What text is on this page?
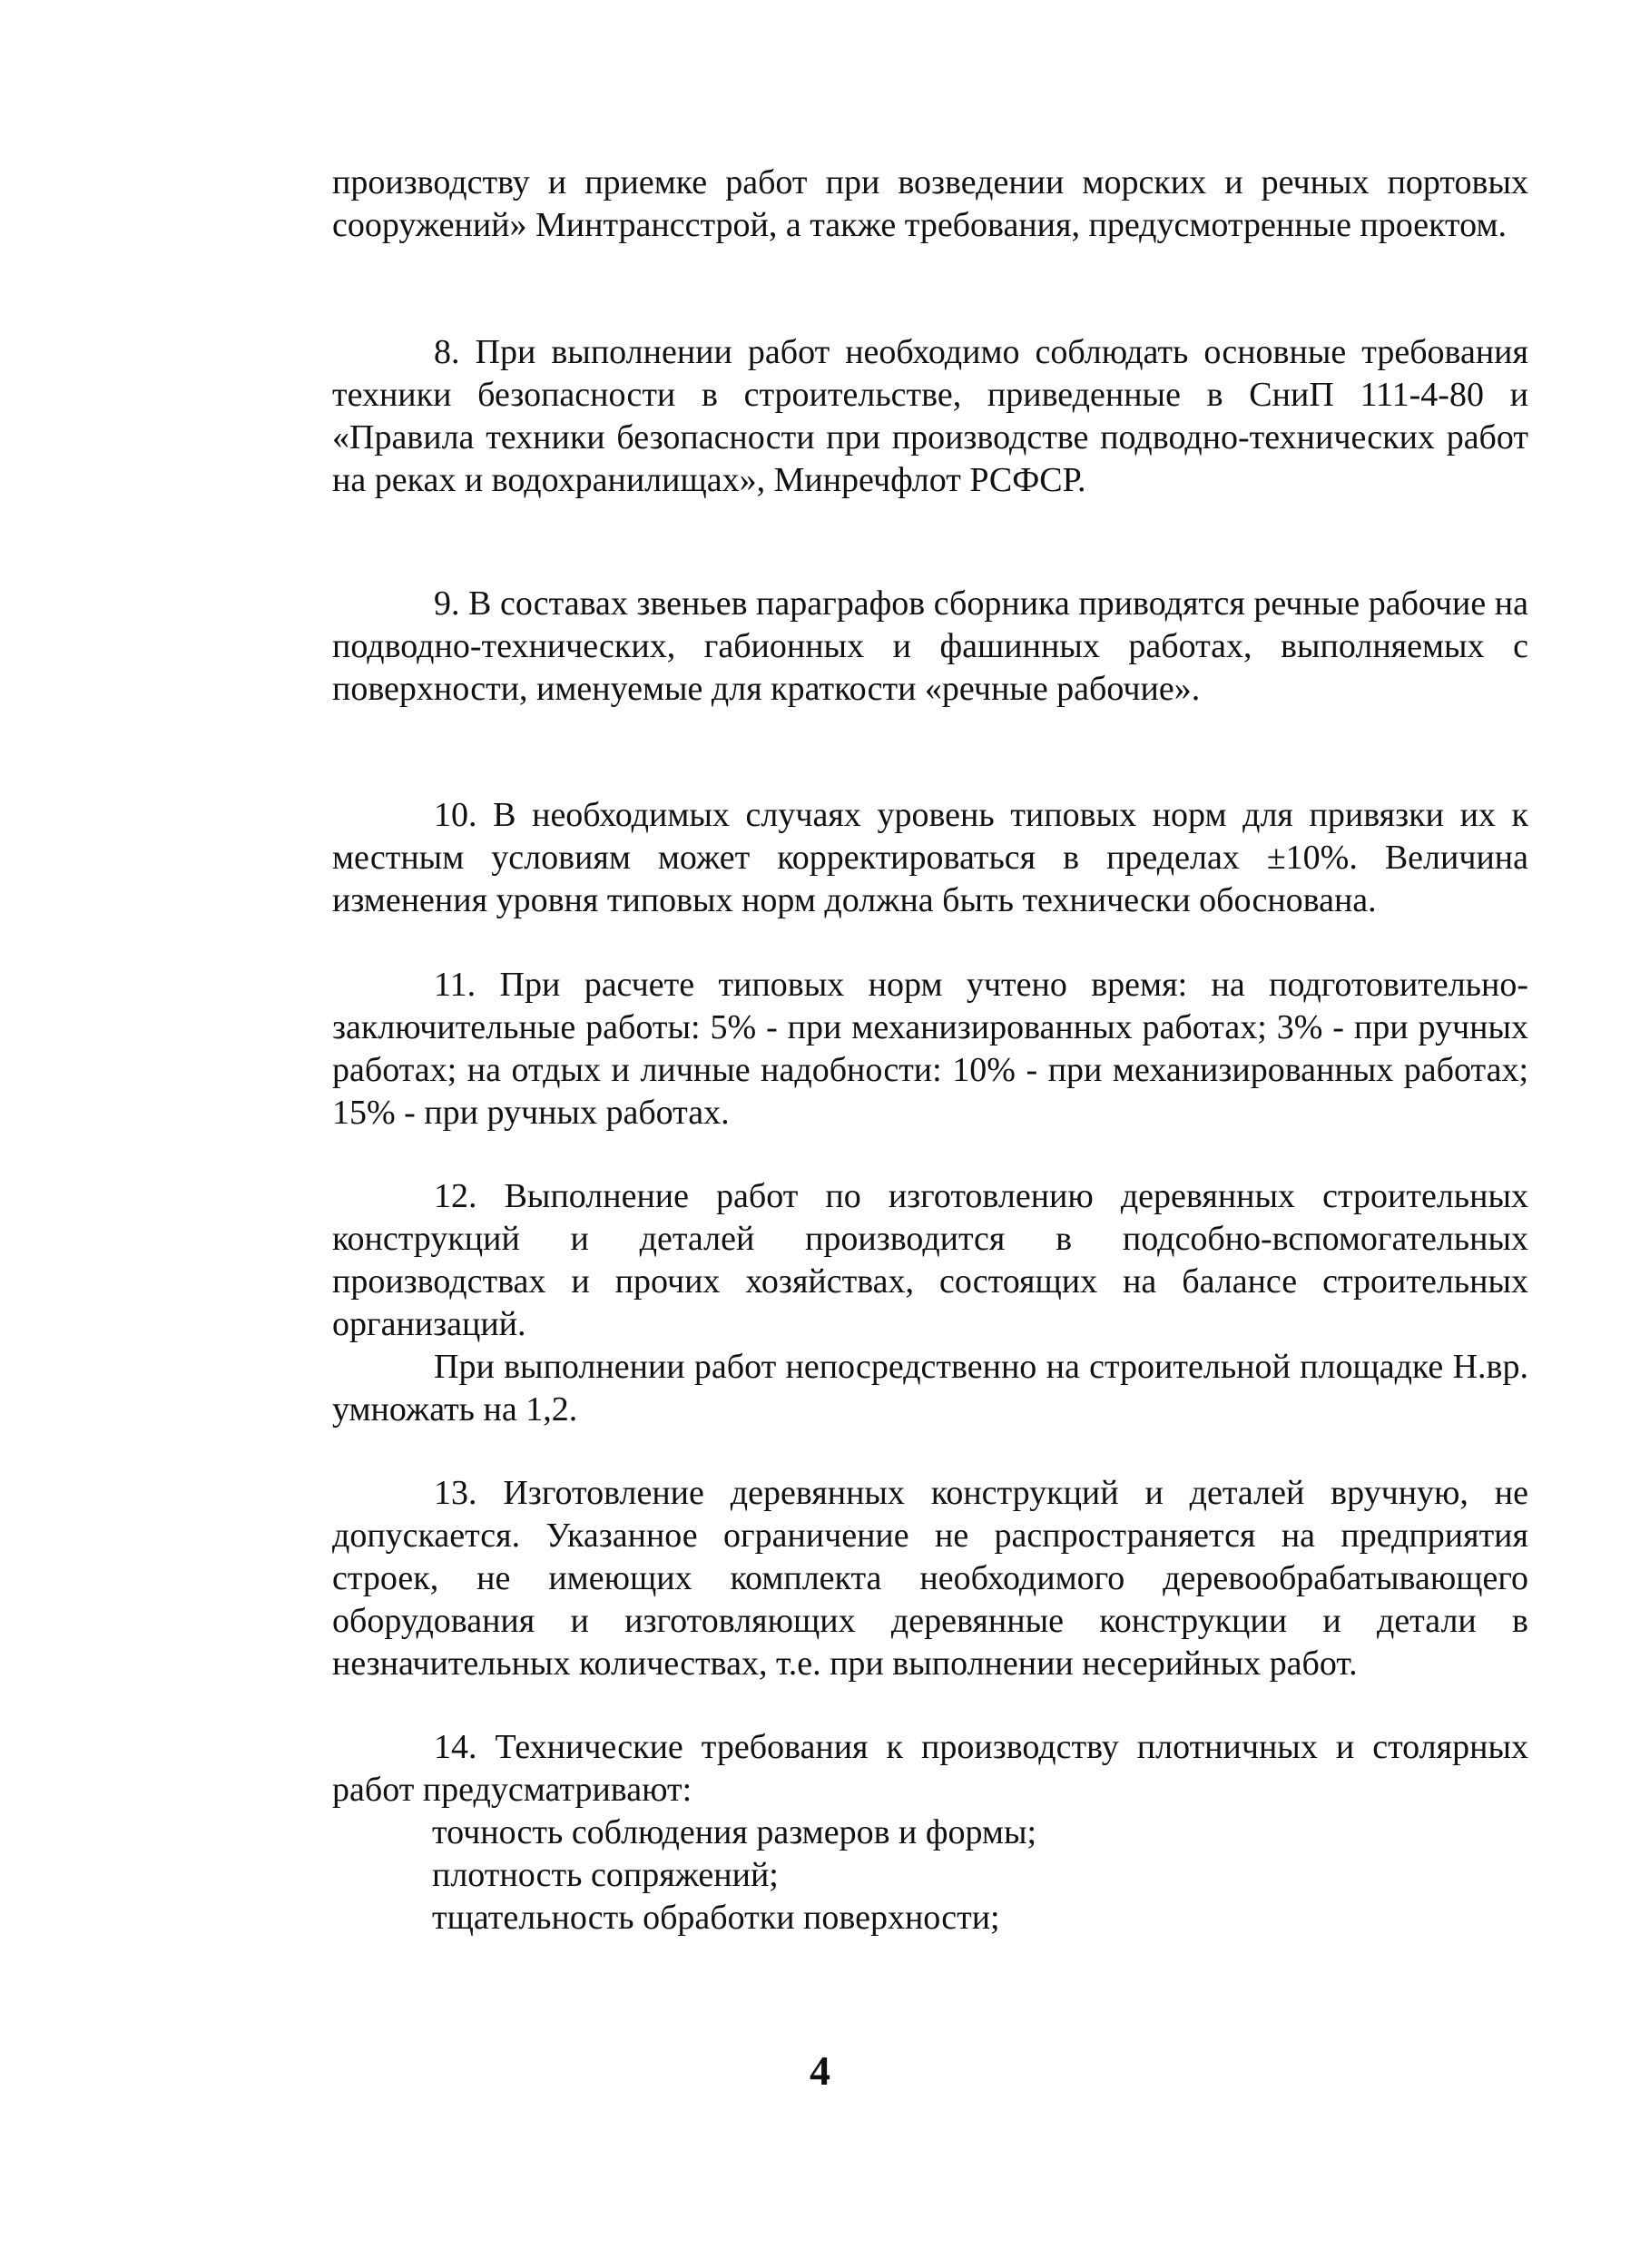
производству и приемке работ при возведении морских и речных портовых сооружений» Минтрансстрой, а также требования, предусмотренные проектом.

8. При выполнении работ необходимо соблюдать основные требования техники безопасности в строительстве, приведенные в СниП 111-4-80 и «Правила техники безопасности при производстве подводно-технических работ на реках и водохранилищах», Минречфлот РСФСР.

9. В составах звеньев параграфов сборника приводятся речные рабочие на подводно-технических, габионных и фашинных работах, выполняемых с поверхности, именуемые для краткости «речные рабочие».

10. В необходимых случаях уровень типовых норм для привязки их к местным условиям может корректироваться в пределах ±10%. Величина изменения уровня типовых норм должна быть технически обоснована.

11. При расчете типовых норм учтено время: на подготовительно-заключительные работы: 5% - при механизированных работах; 3% - при ручных работах; на отдых и личные надобности: 10% - при механизированных работах; 15% - при ручных работах.

12. Выполнение работ по изготовлению деревянных строительных конструкций и деталей производится в подсобно-вспомогательных производствах и прочих хозяйствах, состоящих на балансе строительных организаций.

При выполнении работ непосредственно на строительной площадке Н.вр. умножать на 1,2.

13. Изготовление деревянных конструкций и деталей вручную, не допускается. Указанное ограничение не распространяется на предприятия строек, не имеющих комплекта необходимого деревообрабатывающего оборудования и изготовляющих деревянные конструкции и детали в незначительных количествах, т.е. при выполнении несерийных работ.

14. Технические требования к производству плотничных и столярных работ предусматривают:

точность соблюдения размеров и формы;

плотность сопряжений;

тщательность обработки поверхности;

4
